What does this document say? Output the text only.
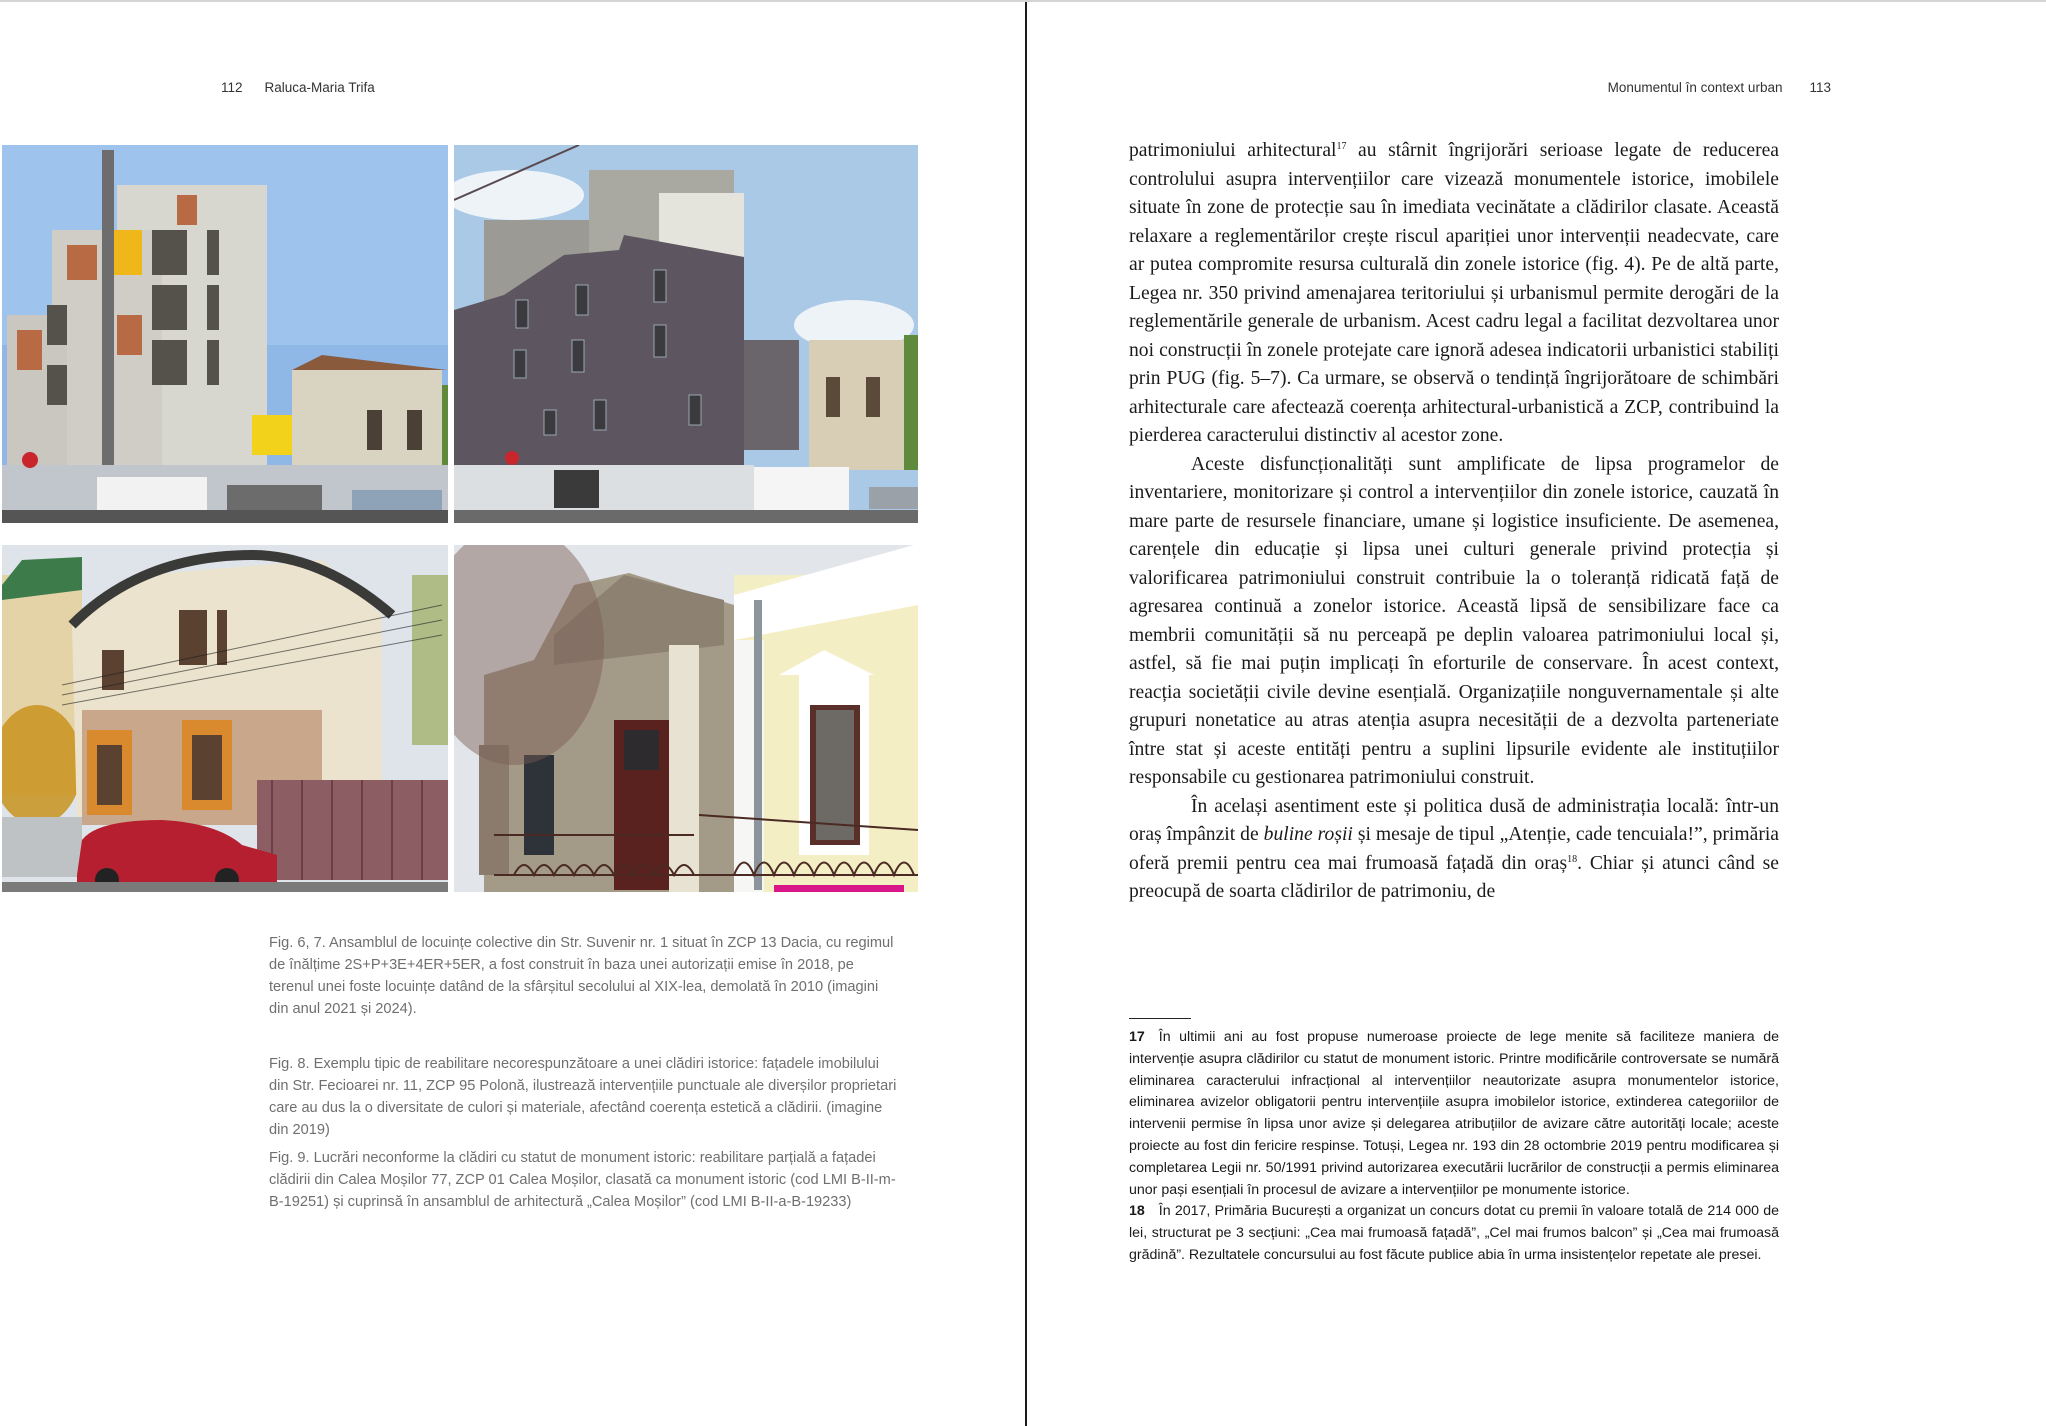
112 Raluca-Maria Trifa

Fig. 6, 7. Ansamblul de locuințe colective din Str. Suvenir nr. 1 situat în ZCP 13 Dacia, cu regimul de înălțime 2S+P+3E+4ER+5ER, a fost construit în baza unei autorizații emise în 2018, pe terenul unei foste locuințe datând de la sfârșitul secolului al XIX-lea, demolată în 2010 (imagini din anul 2021 și 2024).

Fig. 8. Exemplu tipic de reabilitare necorespunzătoare a unei clădiri istorice: fațadele imobilului din Str. Fecioarei nr. 11, ZCP 95 Polonă, ilustrează intervențiile punctuale ale diverșilor proprietari care au dus la o diversitate de culori și materiale, afectând coerența estetică a clădirii. (imagine din 2019)

Fig. 9. Lucrări neconforme la clădiri cu statut de monument istoric: reabilitare parțială a fațadei clădirii din Calea Moșilor 77, ZCP 01 Calea Moșilor, clasată ca monument istoric (cod LMI B-II-m-B-19251) și cuprinsă în ansamblul de arhitectură „Calea Moșilor” (cod LMI B-II-a-B-19233)

Monumentul în context urban 113

patrimoniului arhitectural$^{17}$ au stârnit îngrijorări serioase legate de reducerea controlului asupra intervențiilor care vizează monumentele istorice, imobilele situate în zone de protecție sau în imediata vecinătate a clădirilor clasate. Această relaxare a reglementărilor crește riscul apariției unor intervenții neadecvate, care ar putea compromite resursa culturală din zonele istorice (fig. 4). Pe de altă parte, Legea nr. 350 privind amenajarea teritoriului și urbanismul permite derogări de la reglementările generale de urbanism. Acest cadru legal a facilitat dezvoltarea unor noi construcții în zonele protejate care ignoră adesea indicatorii urbanistici stabiliți prin PUG (fig. 5–7). Ca urmare, se observă o tendință îngrijorătoare de schimbări arhitecturale care afectează coerența arhitectural-urbanistică a ZCP, contribuind la pierderea caracterului distinctiv al acestor zone.

Aceste disfuncționalități sunt amplificate de lipsa programelor de inventariere, monitorizare și control a intervențiilor din zonele istorice, cauzată în mare parte de resursele financiare, umane și logistice insuficiente. De asemenea, carențele din educație și lipsa unei culturi generale privind protecția și valorificarea patrimoniului construit contribuie la o toleranță ridicată față de agresarea continuă a zonelor istorice. Această lipsă de sensibilizare face ca membrii comunității să nu perceapă pe deplin valoarea patrimoniului local și, astfel, să fie mai puțin implicați în eforturile de conservare. În acest context, reacția societății civile devine esențială. Organizațiile nonguvernamentale și alte grupuri nonetatice au atras atenția asupra necesității de a dezvolta parteneriate între stat și aceste entități pentru a suplini lipsurile evidente ale instituțiilor responsabile cu gestionarea patrimoniului construit.

În același asentiment este și politica dusă de administrația locală: într-un oraș împânzit de buline roșii și mesaje de tipul „Atenție, cade tencuiala!”, primăria oferă premii pentru cea mai frumoasă fațadă din oraș$^{18}$. Chiar și atunci când se preocupă de soarta clădirilor de patrimoniu, de

17 În ultimii ani au fost propuse numeroase proiecte de lege menite să faciliteze maniera de intervenție asupra clădirilor cu statut de monument istoric. Printre modificările controversate se numără eliminarea caracterului infracțional al intervențiilor neautorizate asupra monumentelor istorice, eliminarea avizelor obligatorii pentru intervențiile asupra imobilelor istorice, extinderea categoriilor de intervenii permise în lipsa unor avize și delegarea atribuțiilor de avizare către autorități locale; aceste proiecte au fost din fericire respinse. Totuși, Legea nr. 193 din 28 octombrie 2019 pentru modificarea și completarea Legii nr. 50/1991 privind autorizarea executării lucrărilor de construcții a permis eliminarea unor pași esențiali în procesul de avizare a intervențiilor pe monumente istorice.

18 În 2017, Primăria București a organizat un concurs dotat cu premii în valoare totală de 214 000 de lei, structurat pe 3 secțiuni: „Cea mai frumoasă fațadă”, „Cel mai frumos balcon” și „Cea mai frumoasă grădină”. Rezultatele concursului au fost făcute publice abia în urma insistențelor repetate ale presei.
